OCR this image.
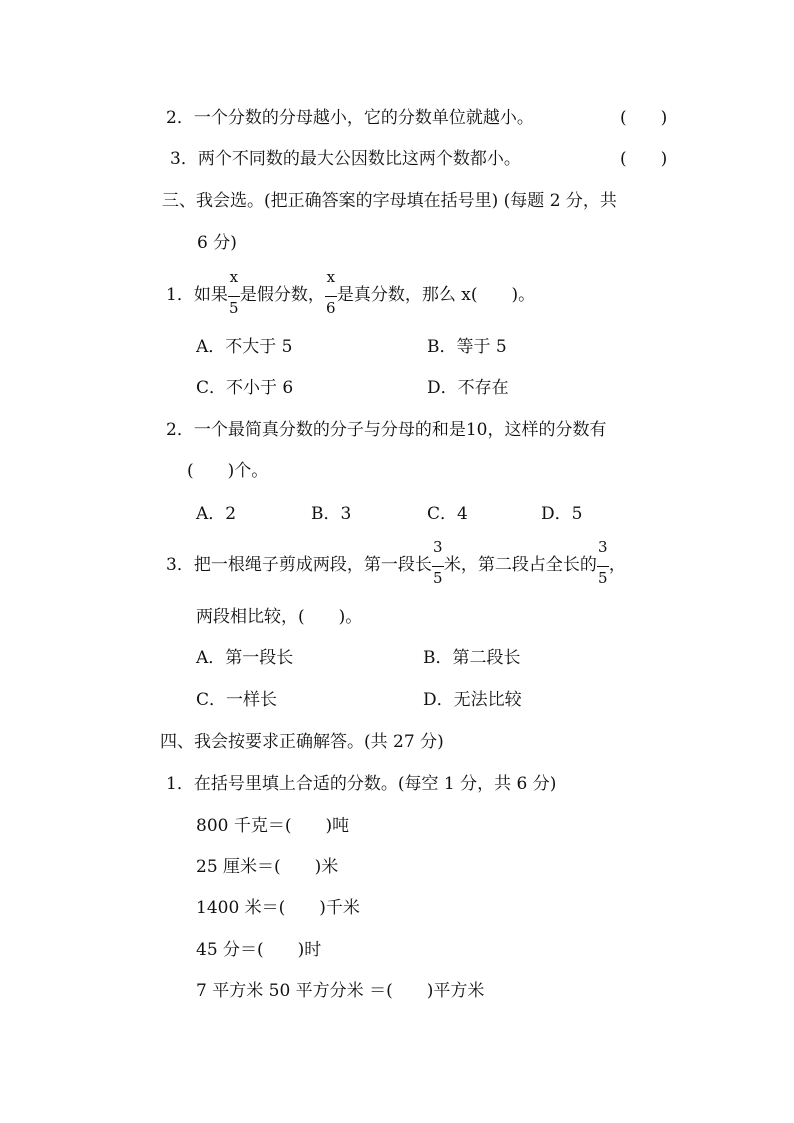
2．一个分数的分母越小，它的分数单位就越小。	(　　)
3．两个不同数的最大公因数比这两个数都小。	(　　)
三、我会选。(把正确答案的字母填在括号里) (每题 2 分，共
6 分)
1．如果 $\frac{x}{5}$ 是假分数， $\frac{x}{6}$ 是真分数，那么 x(　　)。
A．不大于 5	B．等于 5
C．不小于 6	D．不存在
2．一个最简真分数的分子与分母的和是10，这样的分数有
(　　)个。
A．2	B．3	C．4	D．5
3．把一根绳子剪成两段，第一段长 $\frac{3}{5}$ 米，第二段占全长的 $\frac{3}{5}$ ，
两段相比较，(　　)。
A．第一段长	B．第二段长
C．一样长	D．无法比较
四、我会按要求正确解答。(共 27 分)
1．在括号里填上合适的分数。(每空 1 分，共 6 分)
800 千克＝(　　)吨
25 厘米＝(　　)米
1400 米＝(　　)千米
45 分＝(　　)时
7 平方米 50 平方分米 ＝(　　)平方米
